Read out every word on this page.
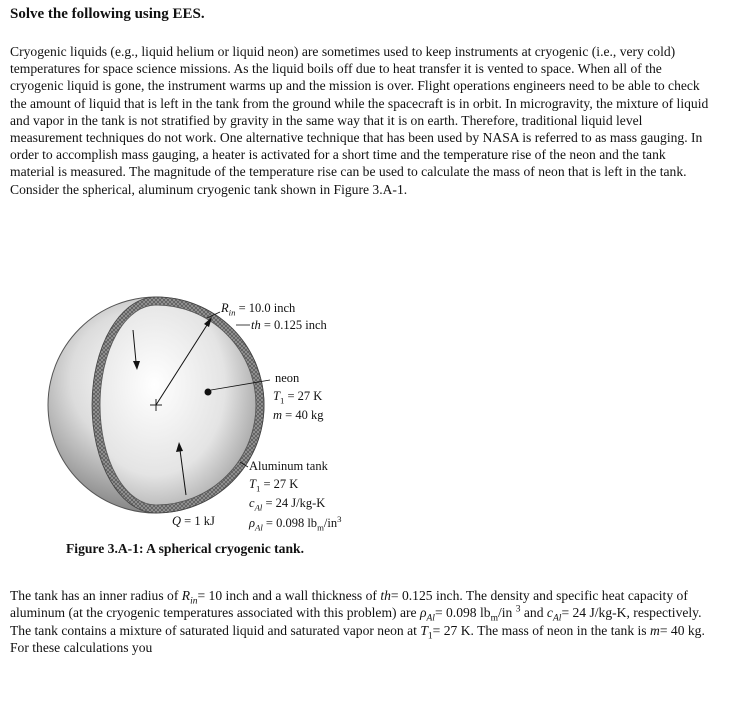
Solve the following using EES.
Cryogenic liquids (e.g., liquid helium or liquid neon) are sometimes used to keep instruments at cryogenic (i.e., very cold) temperatures for space science missions. As the liquid boils off due to heat transfer it is vented to space. When all of the cryogenic liquid is gone, the instrument warms up and the mission is over. Flight operations engineers need to be able to check the amount of liquid that is left in the tank from the ground while the spacecraft is in orbit. In microgravity, the mixture of liquid and vapor in the tank is not stratified by gravity in the same way that it is on earth. Therefore, traditional liquid level measurement techniques do not work. One alternative technique that has been used by NASA is referred to as mass gauging. In order to accomplish mass gauging, a heater is activated for a short time and the temperature rise of the neon and the tank material is measured. The magnitude of the temperature rise can be used to calculate the mass of neon that is left in the tank. Consider the spherical, aluminum cryogenic tank shown in Figure 3.A-1.
$R_{in} = 10.0$ inch
th = 0.125 inch
neon
$T_1 = 27$ K
m = 40 kg
Aluminum tank
$T_1 = 27$ K
$c_{Al} = 24$ J/kg-K
Q = 1 kJ	$\rho_{Al} = 0.098$ $lb_m/in^3$
Figure 3.A-1: A spherical cryogenic tank.
The tank has an inner radius of $R_{in}= 10$ inch and a wall thickness of th= 0.125 inch. The density and specific heat capacity of aluminum (at the cryogenic temperatures associated with this problem) are $\rho_{Al}= 0.098$ $lb_m/in$ $^3$ and $c_{Al}= 24$ J/kg-K, respectively. The tank contains a mixture of saturated liquid and saturated vapor neon at $T_1= 27$ K. The mass of neon in the tank is m= 40 kg. For these calculations you
